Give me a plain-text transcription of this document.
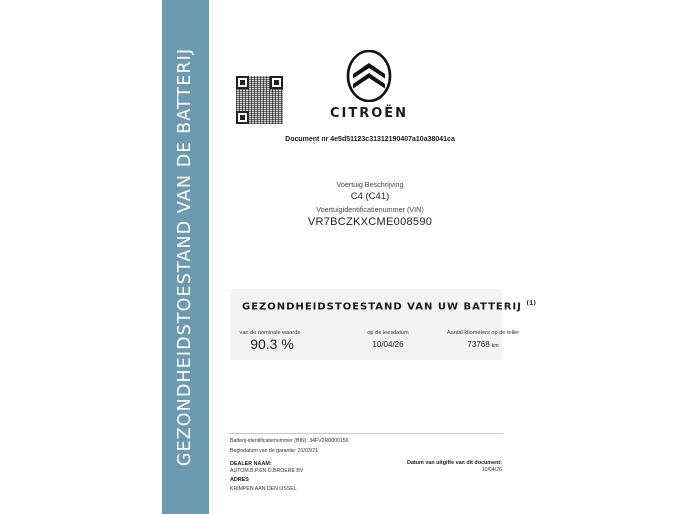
GEZONDHEIDSTOESTAND VAN DE BATTERIJ	CITROËN
Document nr 4e5d51123c31312190407a10a38041ca
Voertuig Beschrijving
C4 (C41)
Voertuigidentificatienummer (VIN)
VR7BCZKXCME008590
GEZONDHEIDSTOESTAND VAN UW BATTERIJ $^{(1)}$
van de nominale waarde	op de leesdatum	Aantal kilometers op de teller
90.3 %	10/04/26	73768 km
Batterij-identificatienummer (BIN): 34FV2R0000156
Begindatum van de garantie: 31/03/21
DEALER NAAM:
AUTOM.B.P.EN D.BROERE BV
ADRES
KRIMPEN AAN DEN IJSSEL
Datum van uitgifte van dit document:
10/04/26
